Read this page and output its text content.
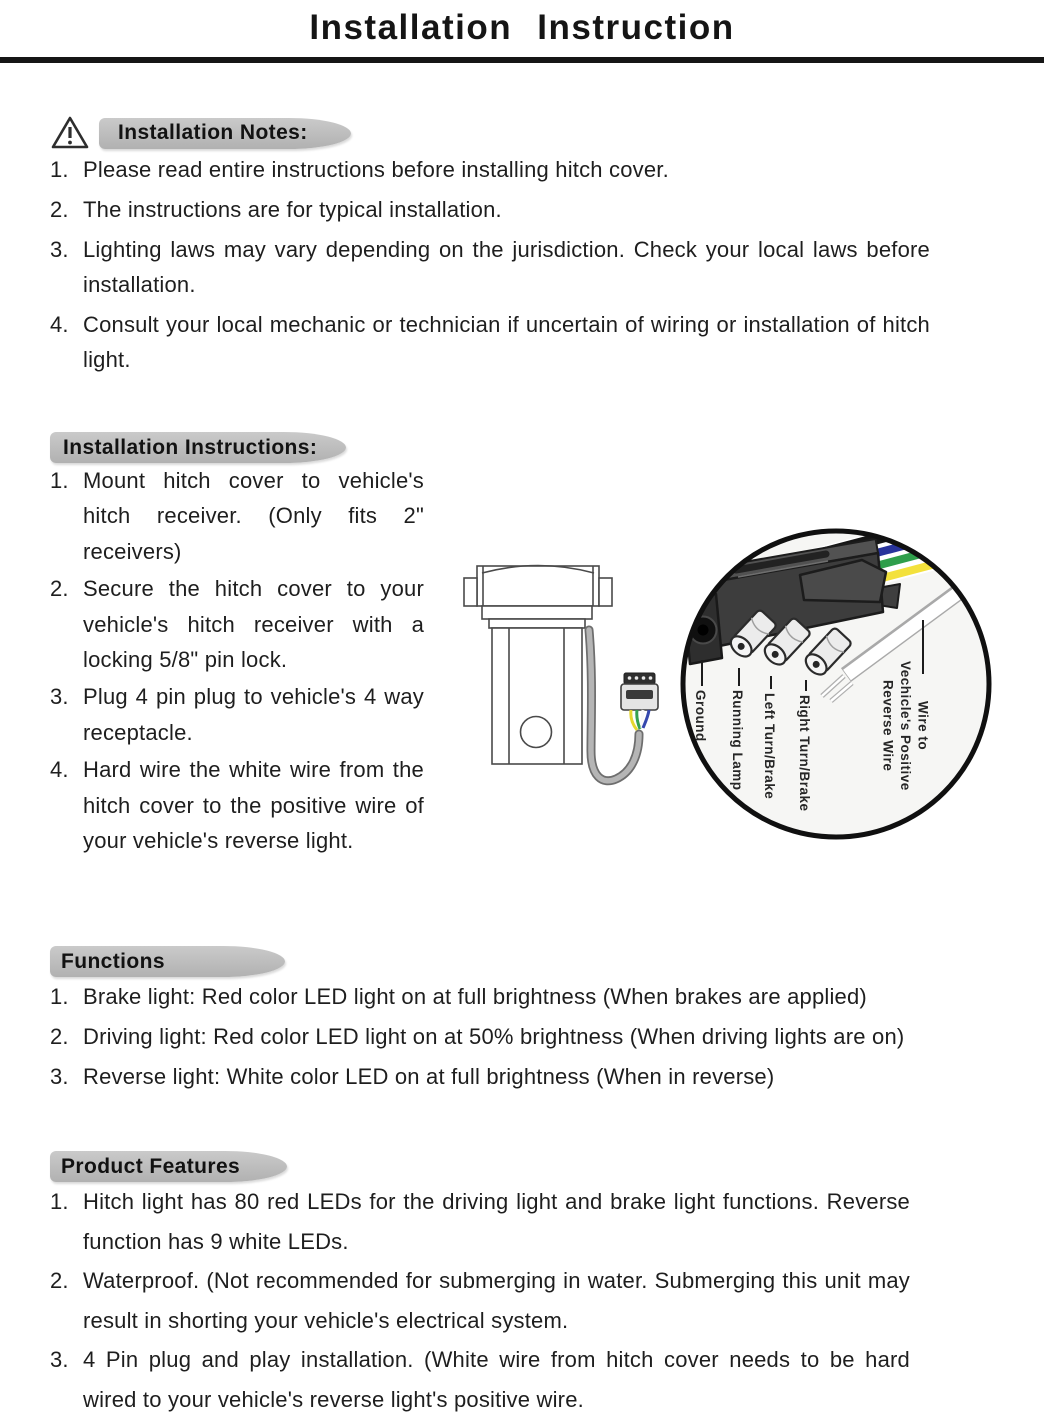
Installation Instruction
Installation Notes:
1. Please read entire instructions before installing hitch cover.
2. The instructions are for typical installation.
3. Lighting laws may vary depending on the jurisdiction. Check your local laws before installation.
4. Consult your local mechanic or technician if uncertain of wiring or installation of hitch light.
Installation Instructions:
1. Mount hitch cover to vehicle's hitch receiver. (Only fits 2" receivers)
2. Secure the hitch cover to your vehicle's hitch receiver with a locking 5/8" pin lock.
3. Plug 4 pin plug to vehicle's 4 way receptacle.
4. Hard wire the white wire from the hitch cover to the positive wire of your vehicle's reverse light.
Ground Running Lamp Left Turn/Brake Right Turn/Brake	Wire to
Vechicle's Positive
Reverse Wire
Functions
1. Brake light: Red color LED light on at full brightness (When brakes are applied)
2. Driving light: Red color LED light on at 50% brightness (When driving lights are on)
3. Reverse light: White color LED on at full brightness (When in reverse)
Product Features
1. Hitch light has 80 red LEDs for the driving light and brake light functions. Reverse function has 9 white LEDs.
2. Waterproof. (Not recommended for submerging in water. Submerging this unit may result in shorting your vehicle's electrical system.
3. 4 Pin plug and play installation. (White wire from hitch cover needs to be hard wired to your vehicle's reverse light's positive wire.
